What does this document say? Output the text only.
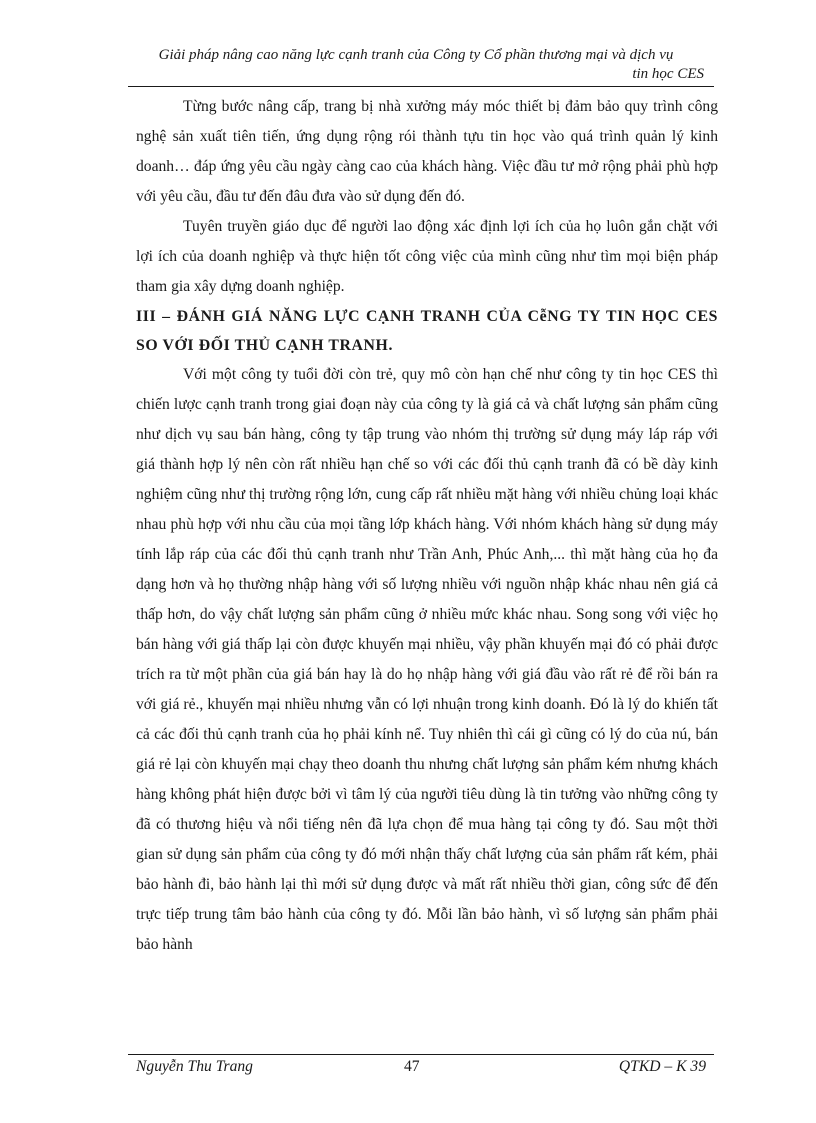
Giải pháp nâng cao năng lực cạnh tranh của Công ty Cổ phần thương mại và dịch vụ
tin học CES

Từng bước nâng cấp, trang bị nhà xưởng máy móc thiết bị đảm bảo quy trình công nghệ sản xuất tiên tiến, ứng dụng rộng rói thành tựu tin học vào quá trình quản lý kinh doanh… đáp ứng yêu cầu ngày càng cao của khách hàng. Việc đầu tư mở rộng phải phù hợp với yêu cầu, đầu tư đến đâu đưa vào sử dụng đến đó.

Tuyên truyền giáo dục để người lao động xác định lợi ích của họ luôn gắn chặt với lợi ích của doanh nghiệp và thực hiện tốt công việc của mình cũng như tìm mọi biện pháp tham gia xây dựng doanh nghiệp.

III – ĐÁNH GIÁ NĂNG LỰC CẠNH TRANH CỦA CễNG TY TIN HỌC CES SO VỚI ĐỐI THỦ CẠNH TRANH.

Với một công ty tuổi đời còn trẻ, quy mô còn hạn chế như công ty tin học CES thì chiến lược cạnh tranh trong giai đoạn này của công ty là giá cả và chất lượng sản phẩm cũng như dịch vụ sau bán hàng, công ty tập trung vào nhóm thị trường sử dụng máy láp ráp với giá thành hợp lý nên còn rất nhiều hạn chế so với các đối thủ cạnh tranh đã có bề dày kinh nghiệm cũng như thị trường rộng lớn, cung cấp rất nhiều mặt hàng với nhiều chủng loại khác nhau phù hợp với nhu cầu của mọi tầng lớp khách hàng. Với nhóm khách hàng sử dụng máy tính lắp ráp của các đối thủ cạnh tranh như Trần Anh, Phúc Anh,... thì mặt hàng của họ đa dạng hơn và họ thường nhập hàng với số lượng nhiều với nguồn nhập khác nhau nên giá cả thấp hơn, do vậy chất lượng sản phẩm cũng ở nhiều mức khác nhau. Song song với việc họ bán hàng với giá thấp lại còn được khuyến mại nhiều, vậy phần khuyến mại đó có phải được trích ra từ một phần của giá bán hay là do họ nhập hàng với giá đầu vào rất rẻ để rồi bán ra với giá rẻ., khuyến mại nhiều nhưng vẫn có lợi nhuận trong kinh doanh. Đó là lý do khiến tất cả các đối thủ cạnh tranh của họ phải kính nể. Tuy nhiên thì cái gì cũng có lý do của nú, bán giá rẻ lại còn khuyến mại chạy theo doanh thu nhưng chất lượng sản phẩm kém nhưng khách hàng không phát hiện được bởi vì tâm lý của người tiêu dùng là tin tưởng vào những công ty đã có thương hiệu và nổi tiếng nên đã lựa chọn để mua hàng tại công ty đó. Sau một thời gian sử dụng sản phẩm của công ty đó mới nhận thấy chất lượng của sản phẩm rất kém, phải bảo hành đi, bảo hành lại thì mới sử dụng được và mất rất nhiều thời gian, công sức để đến trực tiếp trung tâm bảo hành của công ty đó. Mỗi lần bảo hành, vì số lượng sản phẩm phải bảo hành

Nguyễn Thu Trang	47	QTKD – K 39
